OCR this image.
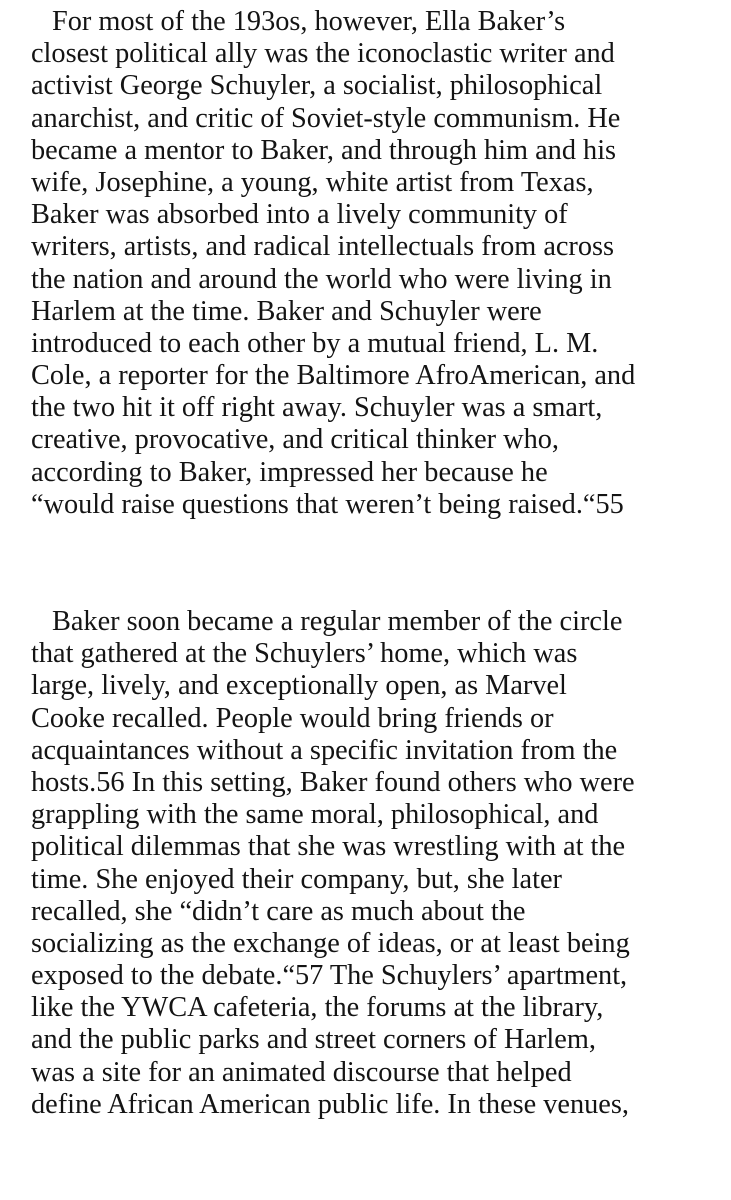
For most of the 193os, however, Ella Baker’s
closest political ally was the iconoclastic writer and
activist George Schuyler, a socialist, philosophical
anarchist, and critic of Soviet-style communism. He
became a mentor to Baker, and through him and his
wife, Josephine, a young, white artist from Texas,
Baker was absorbed into a lively community of
writers, artists, and radical intellectuals from across
the nation and around the world who were living in
Harlem at the time. Baker and Schuyler were
introduced to each other by a mutual friend, L. M.
Cole, a reporter for the Baltimore AfroAmerican, and
the two hit it off right away. Schuyler was a smart,
creative, provocative, and critical thinker who,
according to Baker, impressed her because he
“would raise questions that weren’t being raised.“55
Baker soon became a regular member of the circle
that gathered at the Schuylers’ home, which was
large, lively, and exceptionally open, as Marvel
Cooke recalled. People would bring friends or
acquaintances without a specific invitation from the
hosts.56 In this setting, Baker found others who were
grappling with the same moral, philosophical, and
political dilemmas that she was wrestling with at the
time. She enjoyed their company, but, she later
recalled, she “didn’t care as much about the
socializing as the exchange of ideas, or at least being
exposed to the debate.“57 The Schuylers’ apartment,
like the YWCA cafeteria, the forums at the library,
and the public parks and street corners of Harlem,
was a site for an animated discourse that helped
define African American public life. In these venues,
